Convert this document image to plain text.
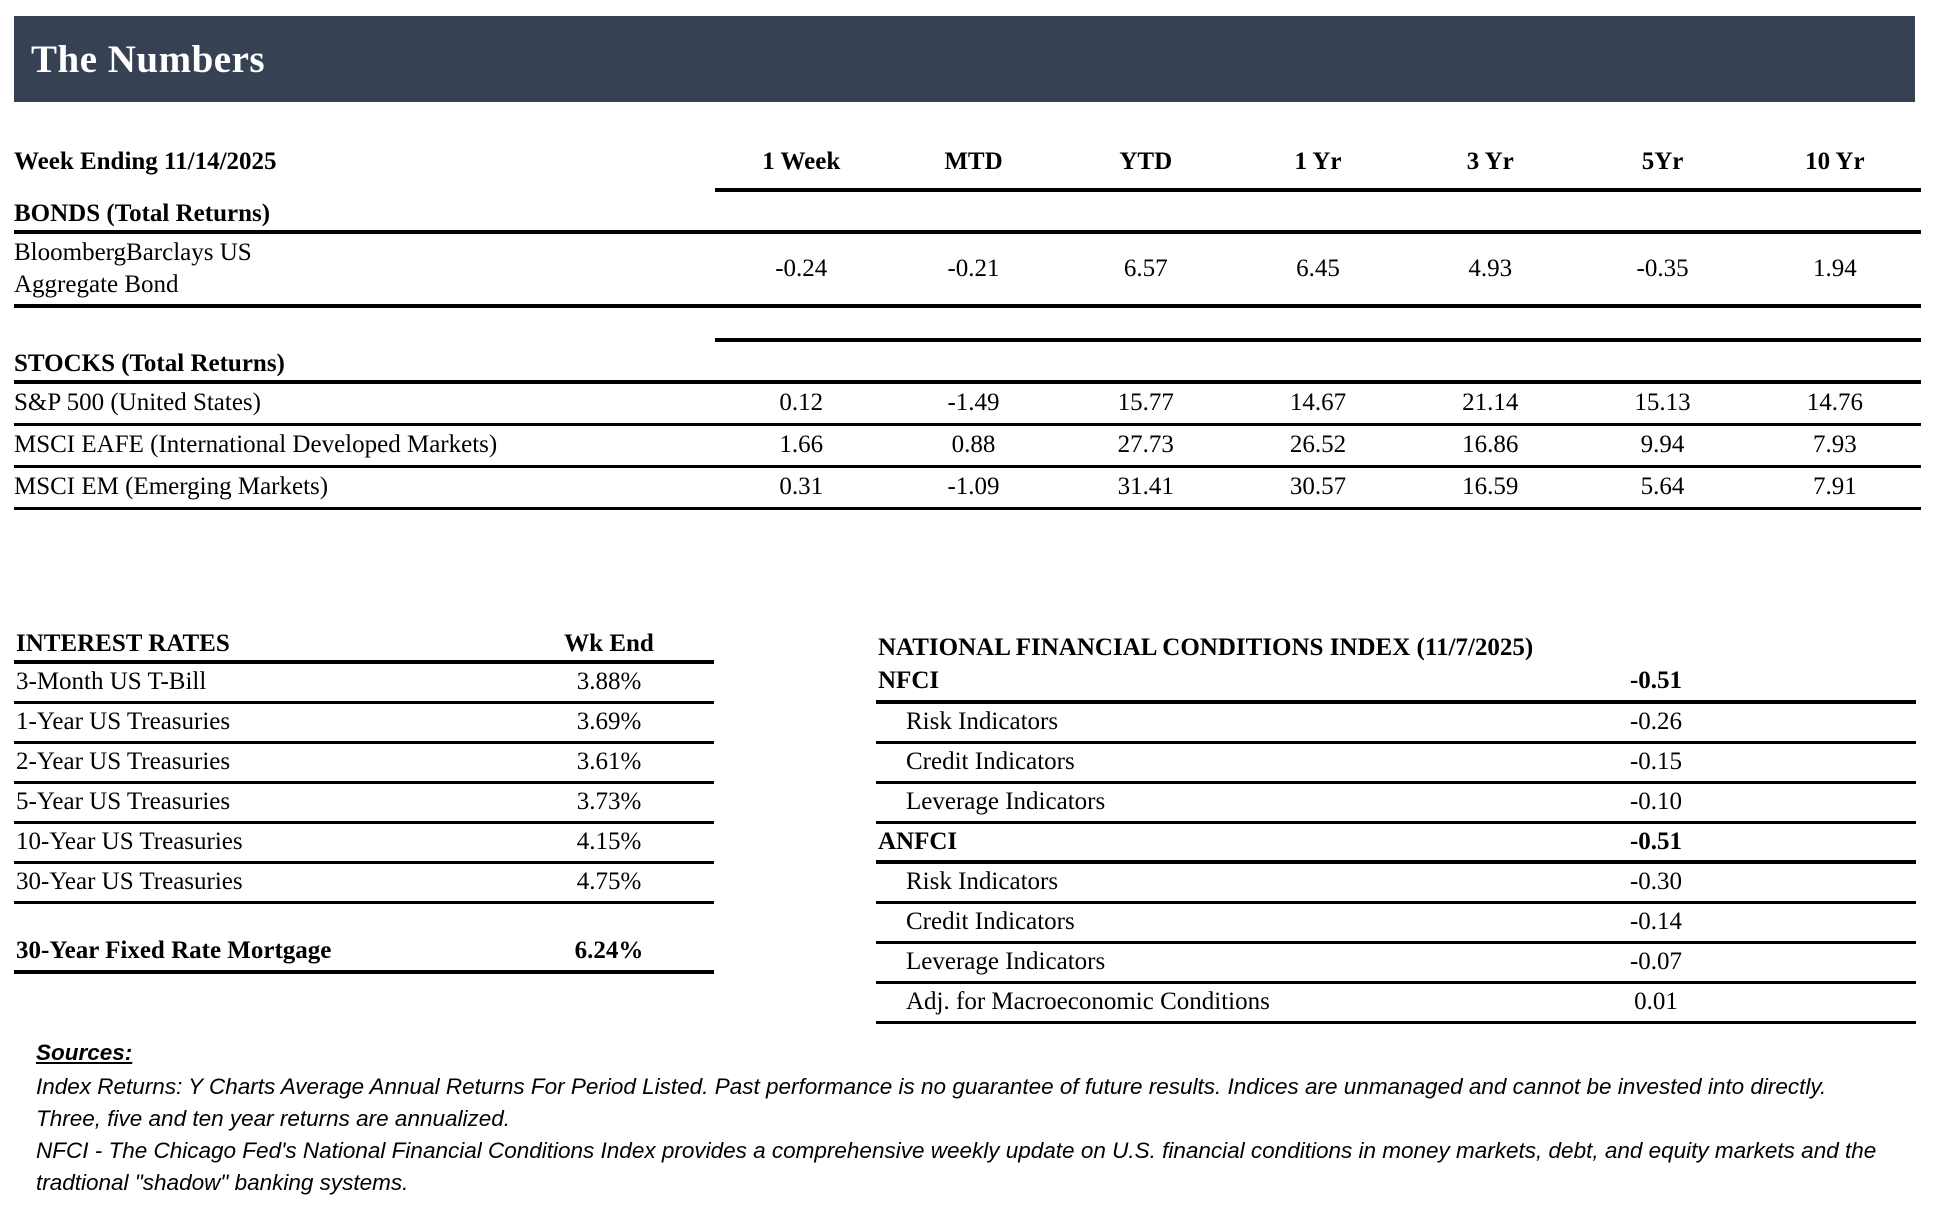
The Numbers
Week Ending 11/14/2025	1 Week	MTD	YTD	1 Yr	3 Yr	5Yr	10 Yr

BONDS (Total Returns)							

BloombergBarclays US
Aggregate Bond	-0.24	-0.21	6.57	6.45	4.93	-0.35	1.94

STOCKS (Total Returns)							
S&P 500 (United States)	0.12	-1.49	15.77	14.67	21.14	15.13	14.76
MSCI EAFE (International Developed Markets)	1.66	0.88	27.73	26.52	16.86	9.94	7.93
MSCI EM (Emerging Markets)	0.31	-1.09	31.41	30.57	16.59	5.64	7.91
INTEREST RATES	Wk End
3-Month US T-Bill	3.88%
1-Year US Treasuries	3.69%
2-Year US Treasuries	3.61%
5-Year US Treasuries	3.73%
10-Year US Treasuries	4.15%
30-Year US Treasuries	4.75%

30-Year Fixed Rate Mortgage	6.24%
NATIONAL FINANCIAL CONDITIONS INDEX (11/7/2025)	
NFCI	-0.51
Risk Indicators	-0.26
Credit Indicators	-0.15
Leverage Indicators	-0.10
ANFCI	-0.51
Risk Indicators	-0.30
Credit Indicators	-0.14
Leverage Indicators	-0.07
Adj. for Macroeconomic Conditions	0.01
Sources:

Index Returns: Y Charts Average Annual Returns For Period Listed. Past performance is no guarantee of future results. Indices are unmanaged and cannot be invested into directly. Three, five and ten year returns are annualized.

NFCI - The Chicago Fed's National Financial Conditions Index provides a comprehensive weekly update on U.S. financial conditions in money markets, debt, and equity markets and the tradtional "shadow" banking systems.
